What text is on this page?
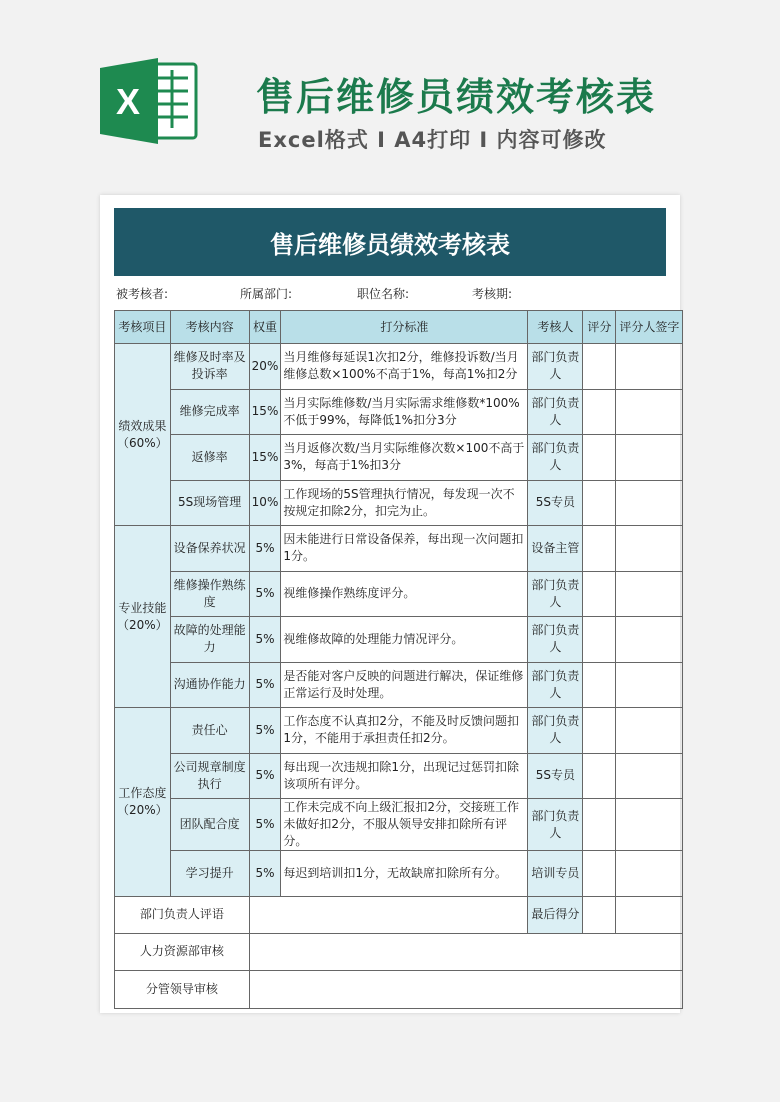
X	售后维修员绩效考核表
Excel格式 I A4打印 I 内容可修改
售后维修员绩效考核表
被考核者:	所属部门:	职位名称:	考核期:
考核项目	考核内容	权重	打分标准	考核人	评分	评分人签字
绩效成果（60%）	维修及时率及投诉率	20%	当月维修每延误1次扣2分，维修投诉数/当月维修总数×100%不高于1%，每高1%扣2分	部门负责人		
	维修完成率	15%	当月实际维修数/当月实际需求维修数*100%不低于99%，每降低1%扣分3分	部门负责人		
	返修率	15%	当月返修次数/当月实际维修次数×100不高于3%，每高于1%扣3分	部门负责人		
	5S现场管理	10%	工作现场的5S管理执行情况，每发现一次不按规定扣除2分，扣完为止。	5S专员		
专业技能（20%）	设备保养状况	5%	因未能进行日常设备保养，每出现一次问题扣1分。	设备主管		
	维修操作熟练度	5%	视维修操作熟练度评分。	部门负责人		
	故障的处理能力	5%	视维修故障的处理能力情况评分。	部门负责人		
	沟通协作能力	5%	是否能对客户反映的问题进行解决，保证维修正常运行及时处理。	部门负责人		
工作态度（20%）	责任心	5%	工作态度不认真扣2分，不能及时反馈问题扣1分，不能用于承担责任扣2分。	部门负责人		
	公司规章制度执行	5%	每出现一次违规扣除1分，出现记过惩罚扣除该项所有评分。	5S专员		
	团队配合度	5%	工作未完成不向上级汇报扣2分，交接班工作未做好扣2分，不服从领导安排扣除所有评分。	部门负责人		
	学习提升	5%	每迟到培训扣1分，无故缺席扣除所有分。	培训专员		
部门负责人评语				最后得分		
人力资源部审核						
分管领导审核						
